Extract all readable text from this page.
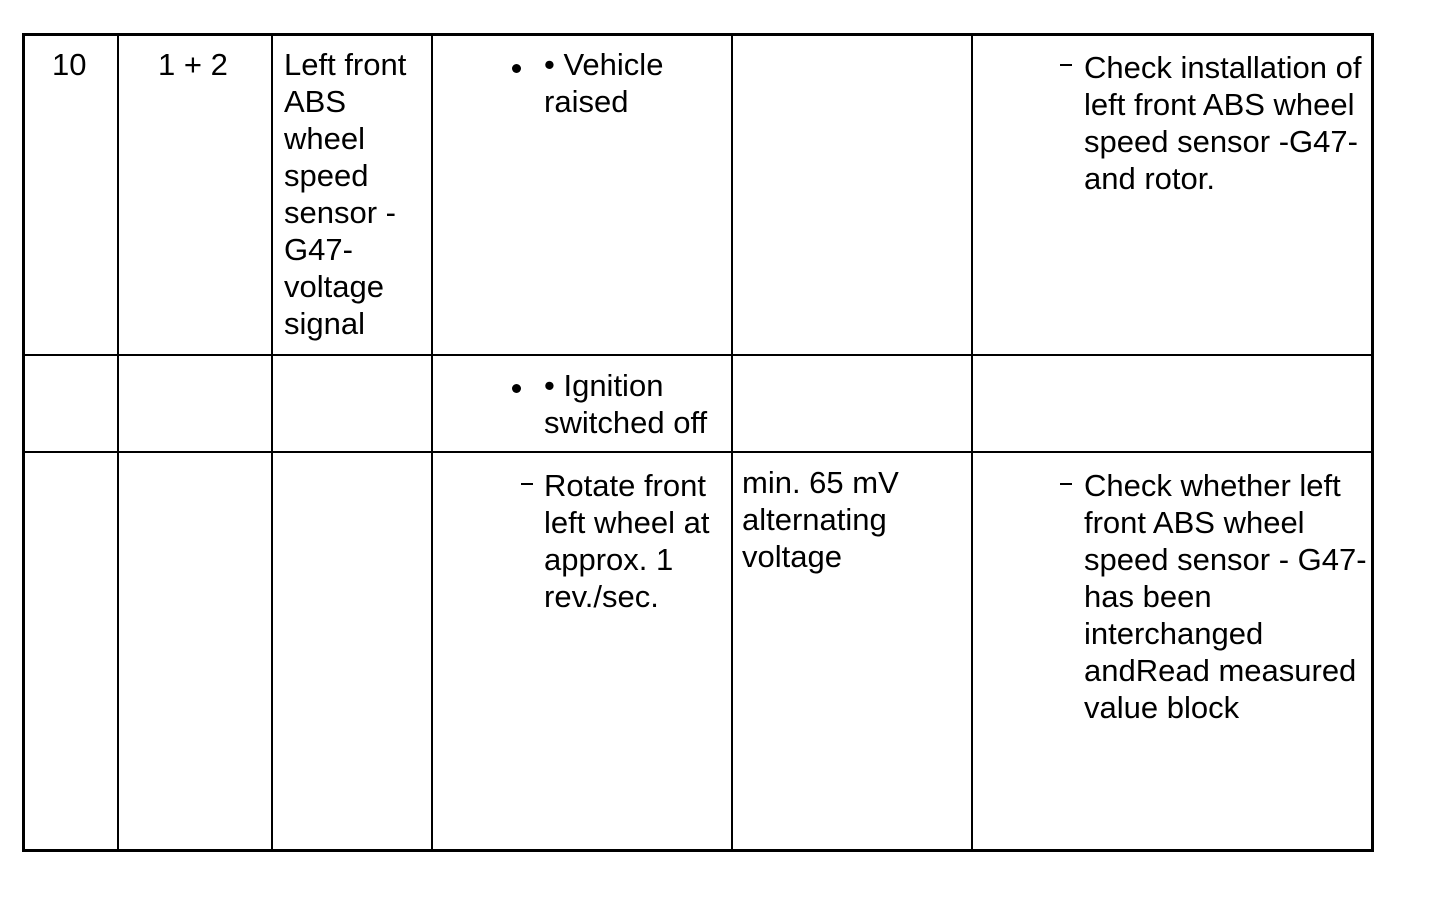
10	1 + 2	Left front ABS wheel speed sensor - G47- voltage signal
• Vehicle raised
Check installation of left front ABS wheel speed sensor -G47- and rotor.
• Ignition switched off
Rotate front left wheel at approx. 1 rev./sec.
min. 65 mV alternating voltage
Check whether left front ABS wheel speed sensor - G47- has been interchanged andRead measured value block
